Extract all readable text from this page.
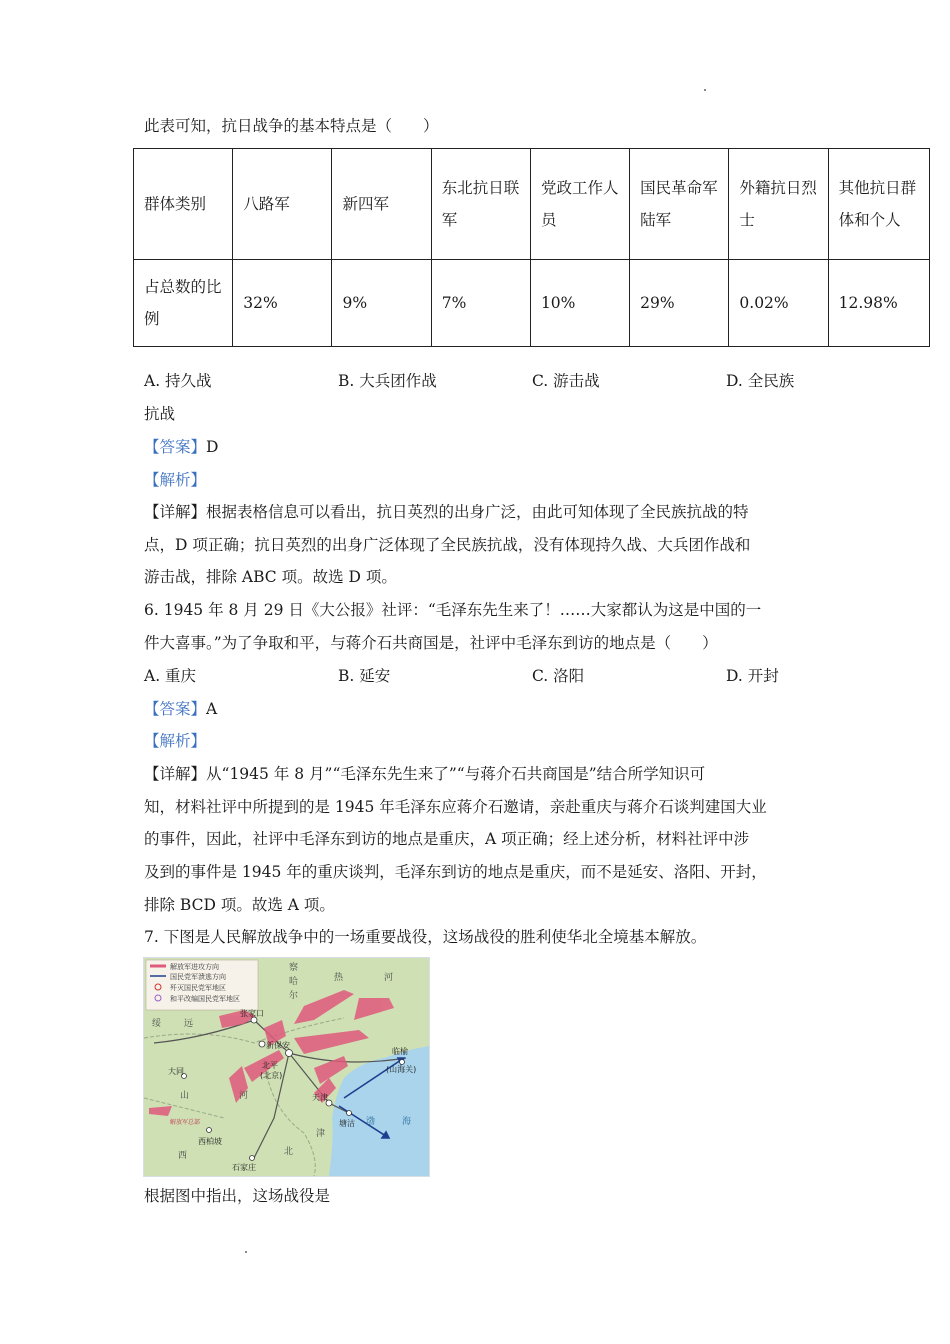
此表可知，抗日战争的基本特点是（　　）
群体类别	八路军	新四军	东北抗日联军	党政工作人员	国民革命军陆军	外籍抗日烈士	其他抗日群体和个人
占总数的比例	32%	9%	7%	10%	29%	0.02%	12.98%
A. 持久战	B. 大兵团作战	C. 游击战	D. 全民族
抗战
【答案】D
【解析】
【详解】根据表格信息可以看出，抗日英烈的出身广泛，由此可知体现了全民族抗战的特
点，D 项正确；抗日英烈的出身广泛体现了全民族抗战，没有体现持久战、大兵团作战和
游击战，排除 ABC 项。故选 D 项。
6. 1945 年 8 月 29 日《大公报》社评：“毛泽东先生来了！……大家都认为这是中国的一
件大喜事。”为了争取和平，与蒋介石共商国是，社评中毛泽东到访的地点是（　　）
A. 重庆	B. 延安	C. 洛阳	D. 开封
【答案】A
【解析】
【详解】从“1945 年 8 月”“毛泽东先生来了”“与蒋介石共商国是”结合所学知识可
知，材料社评中所提到的是 1945 年毛泽东应蒋介石邀请，亲赴重庆与蒋介石谈判建国大业
的事件，因此，社评中毛泽东到访的地点是重庆，A 项正确；经上述分析，材料社评中涉
及到的事件是 1945 年的重庆谈判，毛泽东到访的地点是重庆，而不是延安、洛阳、开封，
排除 BCD 项。故选 A 项。
7. 下图是人民解放战争中的一场重要战役，这场战役的胜利使华北全境基本解放。
解放军进攻方向
国民党军溃逃方向
歼灭国民党军地区
和平改编国民党军地区
张家口
新保安
大同
北平
(北京)
天津
塘沽
临榆
(山海关)
西柏坡
石家庄
解放军总部
察
哈
尔
热	河
绥	远
山	河
西	北
津
渤	海
根据图中指出，这场战役是
